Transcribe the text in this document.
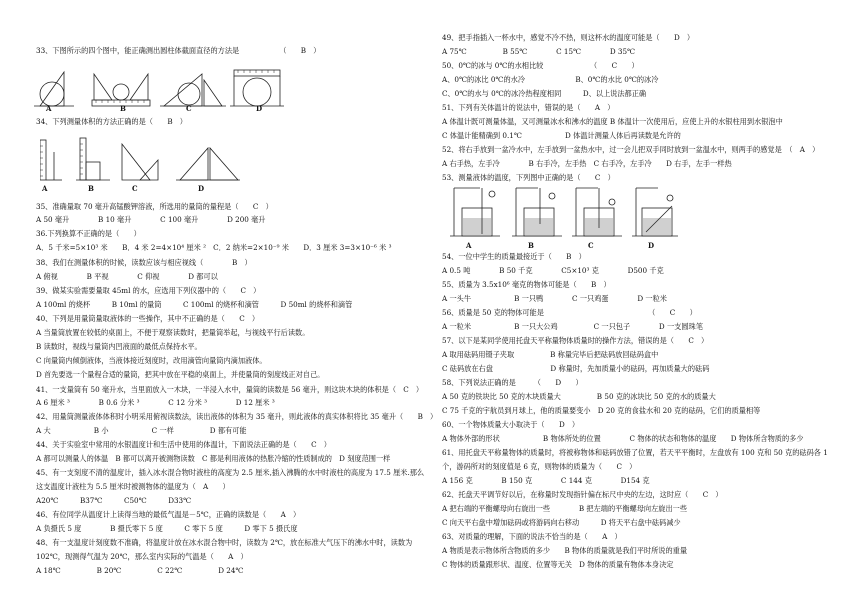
33、下图所示的四个图中，能正确测出圆柱体截面直径的方法是	（　　B　）
A	B	C	D
34、下列测量体积的方法正确的是（　　B　）
A	B	C	D
35、准确量取 70 毫升高锰酸钾溶液，所选用的量筒的量程是（　　C　）
A 50 毫升　　　　B 10 毫升　　　　C 100 毫升　　　　D 200 毫升
36.下列换算不正确的是（　　）
A．5 千米=5×10³ 米　　B．4 米 2=4×10⁴ 厘米 ²　C．2 纳米=2×10⁻⁹ 米　　D．3 厘米 3=3×10⁻⁶ 米 ³
38、我们在测量体积的时候，读数应该与相应视线（　　　　B　）
A 俯视　　　　B 平视　　　　C 仰视　　　　D 都可以
39、做某实验需要量取 45ml 的水，应选用下列仪器中的（　　C　）
A 100ml 的烧杯　　　B 10ml 的量筒　　　C 100ml 的烧杯和滴管　　　D 50ml 的烧杯和滴管
40、下列是用量筒量取液体的一些操作，其中不正确的是（　　C　）
A 当量筒放置在较低的桌面上，不便于观察读数时，把量筒举起，与视线平行后读数。
B 读数时，视线与量筒内凹液面的最低点保持水平。
C 向量筒内倾倒液体，当液体接近刻度时，改用滴管向量筒内滴加液体。
D 首先要选一个量程合适的量筒，把其中放在平稳的桌面上，并使量筒的刻度线正对自己。
41、一支量筒有 50 毫升水，当里面放入一木块，一半浸入水中，量筒的读数是 56 毫升，则这块木块的体积是（　C　）
A 6 厘米 ³　　　　B 0.6 分米 ³　　　　C 12 分米 ³　　　　D 12 厘米 ³
42、用量筒测量液体体积时小明采用俯视读数法，读出液体的体积为 35 毫升，则此液体的真实体积将比 35 毫升（　　B　）
A 大　　　　　　B 小　　　　　　C 一样　　　　　D 都有可能
44、关于实验室中常用的水银温度计和生活中使用的体温计，下面说法正确的是（　　C　）
A 都可以测量人的体温　B 都可以离开被测物读数　C 都是利用液体的热胀冷缩的性质制成的　D 刻度范围一样
45、有一支刻度不清的温度计，插入冰水混合物时液柱的高度为 2.5 厘米,插入沸腾的水中时液柱的高度为 17.5 厘米.那么
这支温度计液柱为 5.5 厘米时被测物体的温度为（　A　　）
A20℃　　　B37℃　　　C50℃　　　D33℃
46、有位同学从温度计上读得当地的最低气温是－5℃，正确的读数是（　　A　）
A 负摄氏 5 度　　　　B 摄氏零下 5 度　　　C 零下 5 度　　　D 零下 5 摄氏度
48、有一支温度计刻度数不准确，将温度计放在冰水混合物中时，读数为 2℃，放在标准大气压下的沸水中时，读数为
102℃，现测得气温为 20℃，那么室内实际的气温是（　　A　）
A 18℃　　　　　B 20℃　　　　　C 22℃　　　　　D 24℃
49、把手指插入一杯水中，感觉不冷不热，则这杯水的温度可能是（　　D　）
A 75℃　　　　　B 55℃　　　　C 15℃　　　　D 35℃
50、0℃的冰与 0℃的水相比较　　　　　　　（　　C　　）
A、0℃的冰比 0℃的水冷　　　　　　　B、0℃的水比 0℃的冰冷
C、0℃的水与 0℃的冰冷热程度相同　　　D、以上说法都正确
51、下列有关体温计的说法中，错误的是（　　A　）
A 体温计既可测量体温，又可测量冰水和沸水的温度 B 体温计一次使用后，应使上升的水银柱用到水银泡中
C 体温计能精确到 0.1℃　　　　　　D 体温计测量人体后再读数是允许的
52、将右手放到一盆冷水中，左手放到一盆热水中，过一会儿把双手同时放到一盆温水中，则两手的感觉是　（　A　）
A 右手热，左手冷　　　　B 右手冷，左手热　C 右手冷，左手冷　　D 右手，左手一样热
53、测量液体的温度，下列图中正确的是（　　C　）
A	B	C	D
54、一位中学生的质量最接近于（　　B　）
A 0.5 吨　　　　B 50 千克　　　　C5×10³ 克　　　　D500 千克
55、质量为 3.5x10⁶ 毫克的物体可能是（　　B　）
A 一头牛　　　　　　B 一只鸭　　　　C 一只鸡蛋　　　　D 一粒米
56、质量是 50 克的物体可能是　　　　　　　　　　　　　　　（　　C　　）
A 一粒米　　　　　　B 一只大公鸡　　　　　C 一只包子　　　　D 一支圆珠笔
57、以下是某同学使用托盘天平称量物体质量时的操作方法，错误的是（　　C　）
A 取用砝码用镊子夹取　　　　　B 称量完毕后把砝码放回砝码盒中
C 砝码放在右盘　　　　　　　　D 称量时，先加质量小的砝码，再加质量大的砝码
58、下列说法正确的是　　　（　　D　　）
A 50 克的铁块比 50 克的木块质量大　　　　　B 50 克的冰块比 50 克的水的质量大
C 75 千克的宇航员到月球上，他的质量要变小　D 20 克的食盐水和 20 克的砝码，它们的质量相等
60、一个物体质量大小取决于（　　D　）
A 物体外部的形状　　　　　　B 物体所处的位置　　　　C 物体的状态和物体的温度　　D 物体所含物质的多少
61、用托盘天平称量物体的质量时，将被称物体和砝码放错了位置，若天平平衡时，左盘放有 100 克和 50 克的砝码各 1
个，游码所对的刻度值是 6 克，则物体的质量为（　　C　）
A 156 克　　　　B 150 克　　　　C 144 克　　　　D154 克
62、托盘天平调节好以后，在称量时发现指针偏在标尺中央的左边，这时应（　　C　）
A 把右端的平衡螺母向右旋出一些　　　　B 把左端的平衡螺母向左旋出一些
C 向天平右盘中增加砝码或将游码向右移动　　　D 将天平右盘中砝码减少
63、对质量的理解，下面的说法不恰当的是（　　A　）
A 物质是表示物体所含物质的多少　　B 物体的质量就是我们平时所说的重量
C 物体的质量跟形状、温度、位置等无关　D 物体的质量有物体本身决定
